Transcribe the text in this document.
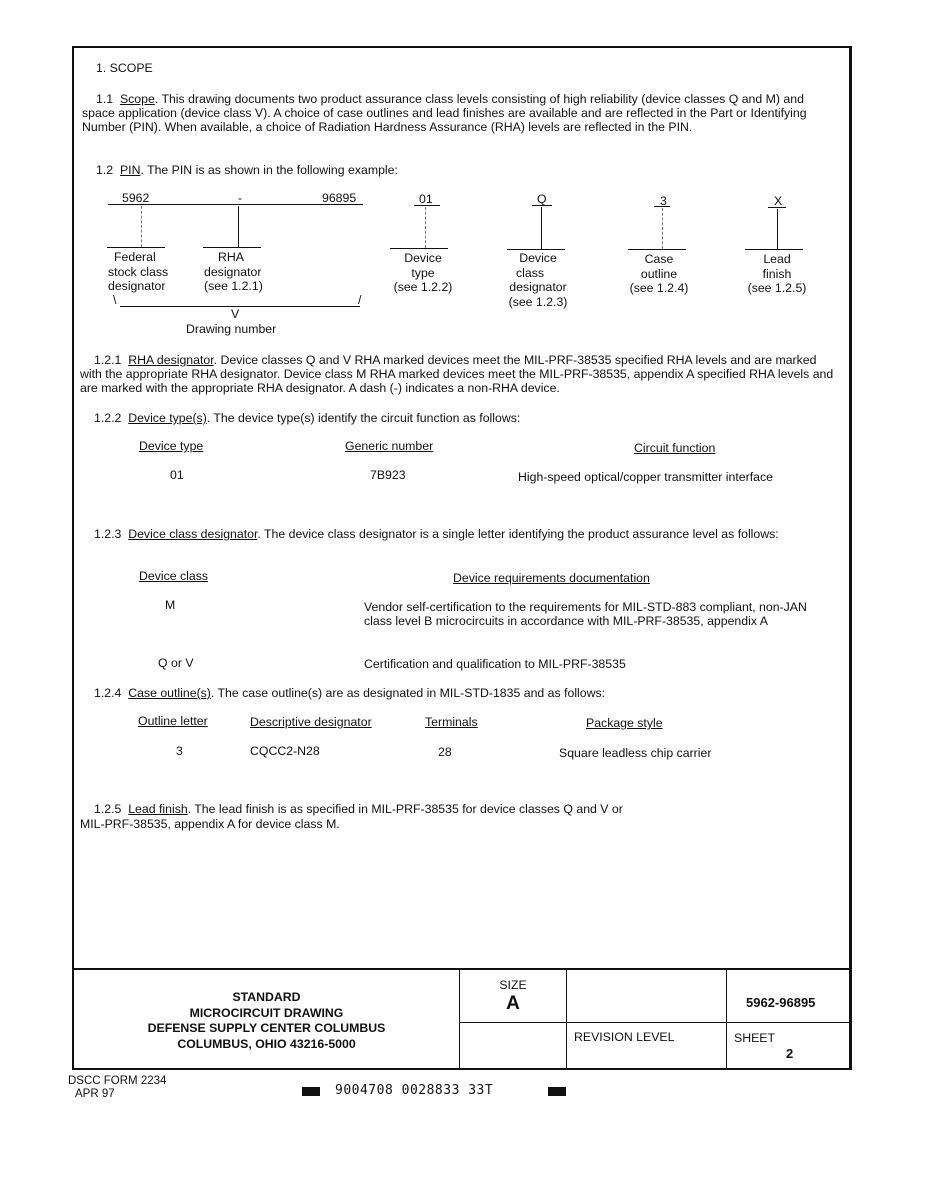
1. SCOPE
1.1 Scope. This drawing documents two product assurance class levels consisting of high reliability (device classes Q and M) and space application (device class V). A choice of case outlines and lead finishes are available and are reflected in the Part or Identifying Number (PIN). When available, a choice of Radiation Hardness Assurance (RHA) levels are reflected in the PIN.
1.2 PIN. The PIN is as shown in the following example:
5962	-	96895	01	Q	3	X
Federal
stock class
designator
RHA
designator
(see 1.2.1)
Device
type
(see 1.2.2)
Device
class
designator
(see 1.2.3)
Case
outline
(see 1.2.4)
Lead
finish
(see 1.2.5)
\	/
V
Drawing number
1.2.1 RHA designator. Device classes Q and V RHA marked devices meet the MIL-PRF-38535 specified RHA levels and are marked with the appropriate RHA designator. Device class M RHA marked devices meet the MIL-PRF-38535, appendix A specified RHA levels and are marked with the appropriate RHA designator. A dash (-) indicates a non-RHA device.
1.2.2 Device type(s). The device type(s) identify the circuit function as follows:
Device type	Generic number	Circuit function
01	7B923	High-speed optical/copper transmitter interface
1.2.3 Device class designator. The device class designator is a single letter identifying the product assurance level as follows:
Device class	Device requirements documentation
M	Vendor self-certification to the requirements for MIL-STD-883 compliant, non-JAN class level B microcircuits in accordance with MIL-PRF-38535, appendix A
Q or V	Certification and qualification to MIL-PRF-38535
1.2.4 Case outline(s). The case outline(s) are as designated in MIL-STD-1835 and as follows:
Outline letter	Descriptive designator	Terminals	Package style
3	CQCC2-N28	28	Square leadless chip carrier
1.2.5 Lead finish. The lead finish is as specified in MIL-PRF-38535 for device classes Q and V or
MIL-PRF-38535, appendix A for device class M.
STANDARD
MICROCIRCUIT DRAWING
DEFENSE SUPPLY CENTER COLUMBUS
COLUMBUS, OHIO 43216-5000
SIZE
A	5962-96895
REVISION LEVEL	SHEET
2
DSCC FORM 2234
APR 97	9004708 0028833 33T
